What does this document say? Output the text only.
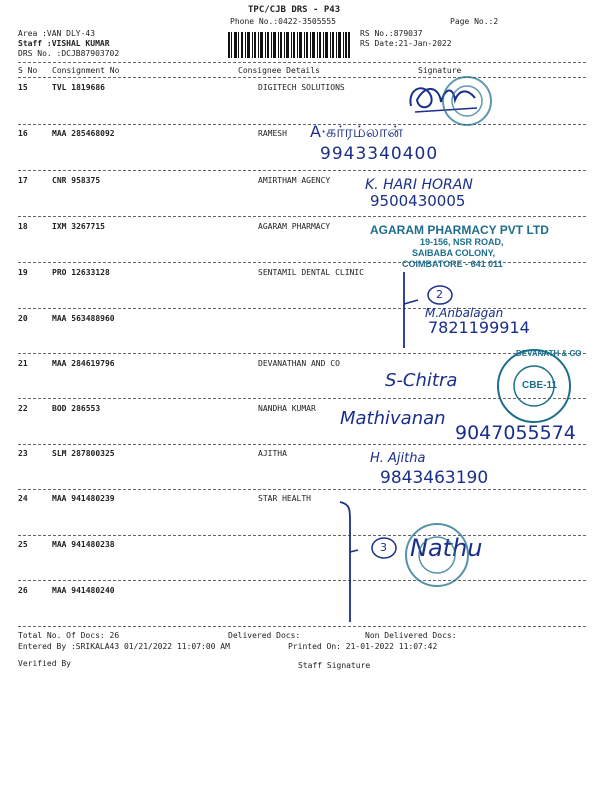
TPC/CJB DRS - P43
Phone No.:0422-3505555	Page No.:2
Area :VAN DLY-43
Staff :VISHAL KUMAR
DRS No. :DCJB87903702
RS No.:879037
RS Date:21-Jan-2022
S No Consignment No	Consignee Details	Signature
15	TVL 1819686	DIGITECH SOLUTIONS
16	MAA 285468092	RAMESH
17	CNR 958375	AMIRTHAM AGENCY
18	IXM 3267715	AGARAM PHARMACY
19	PRO 12633128	SENTAMIL DENTAL CLINIC
20	MAA 563488960
21	MAA 284619796	DEVANATHAN AND CO
22	BOD 286553	NANDHA KUMAR
23	SLM 287800325	AJITHA
24	MAA 941480239	STAR HEALTH
25	MAA 941480238
26	MAA 941480240
A·கர்ரம்லான்
9943340400
K. HARI HORAN
9500430005
AGARAM PHARMACY PVT LTD
19-156, NSR ROAD,
SAIBABA COLONY,
COIMBATORE - 641 011
2
M.Anbalagan
7821199914
S-Chitra
DEVANATH & CO
CBE-11
Mathivanan
9047055574
H. Ajitha
9843463190
3 Nathu
Total No. Of Docs: 26	Delivered Docs:	Non Delivered Docs:
Entered By :SRIKALA43 01/21/2022 11:07:00 AM	Printed On: 21-01-2022 11:07:42
Verified By	Staff Signature
